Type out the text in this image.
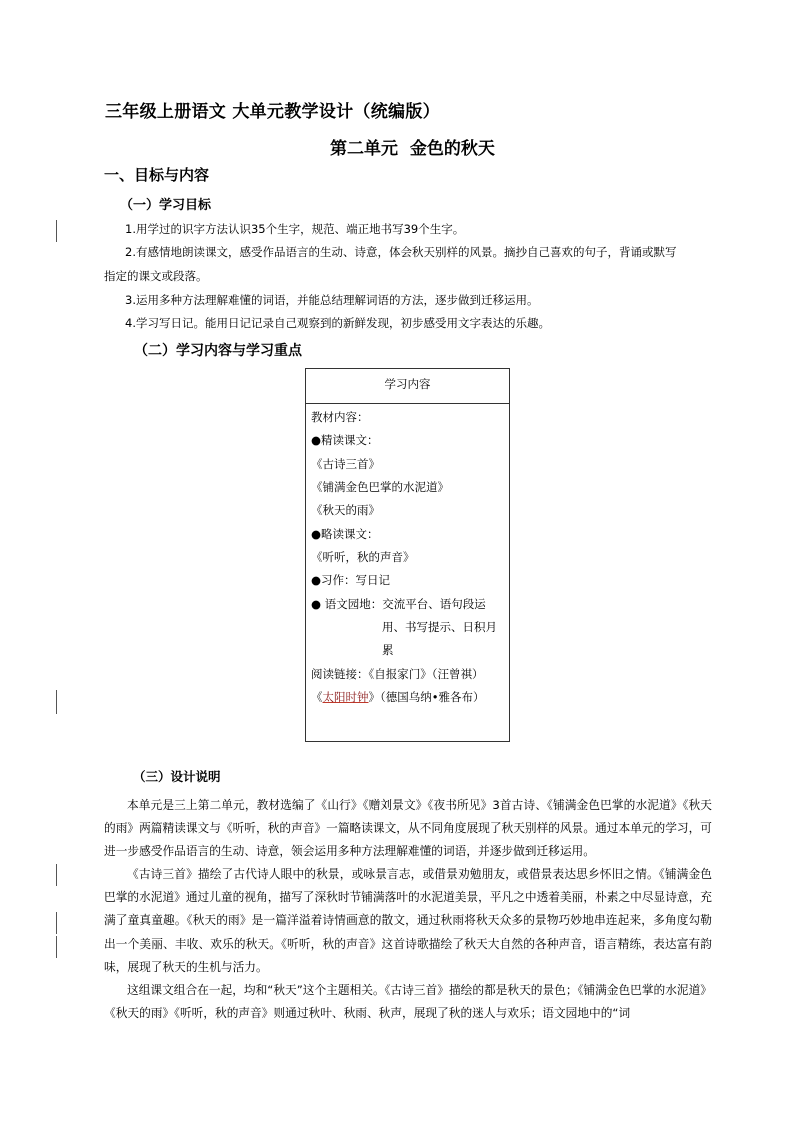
三年级上册语文 大单元教学设计（统编版）
第二单元 金色的秋天
一、目标与内容
（一）学习目标
1.用学过的识字方法认识35个生字，规范、端正地书写39个生字。
2.有感情地朗读课文，感受作品语言的生动、诗意，体会秋天别样的风景。摘抄自己喜欢的句子，背诵或默写
指定的课文或段落。
3.运用多种方法理解难懂的词语，并能总结理解词语的方法，逐步做到迁移运用。
4.学习写日记。能用日记记录自己观察到的新鲜发现，初步感受用文字表达的乐趣。
（二）学习内容与学习重点
学习内容
教材内容：
●精读课文：
《古诗三首》
《铺满金色巴掌的水泥道》
《秋天的雨》
●略读课文：
《听听，秋的声音》
●习作：写日记
● 语文园地：交流平台、语句段运
用、书写提示、日积月
累
阅读链接：《自报家门》（汪曾祺）
《太阳时钟》（德国乌纳•雅各布）
（三）设计说明
本单元是三上第二单元，教材选编了《山行》《赠刘景文》《夜书所见》3首古诗、《铺满金色巴掌的水泥道》《秋天的雨》两篇精读课文与《听听，秋的声音》一篇略读课文，从不同角度展现了秋天别样的风景。通过本单元的学习，可进一步感受作品语言的生动、诗意，领会运用多种方法理解难懂的词语，并逐步做到迁移运用。
《古诗三首》描绘了古代诗人眼中的秋景，或咏景言志，或借景劝勉朋友，或借景表达思乡怀旧之情。《铺满金色巴掌的水泥道》通过儿童的视角，描写了深秋时节铺满落叶的水泥道美景，平凡之中透着美丽，朴素之中尽显诗意，充满了童真童趣。《秋天的雨》是一篇洋溢着诗情画意的散文，通过秋雨将秋天众多的景物巧妙地串连起来，多角度勾勒出一个美丽、丰收、欢乐的秋天。《听听，秋的声音》这首诗歌描绘了秋天大自然的各种声音，语言精练，表达富有韵味，展现了秋天的生机与活力。
这组课文组合在一起，均和“秋天”这个主题相关。《古诗三首》描绘的都是秋天的景色；《铺满金色巴掌的水泥道》《秋天的雨》《听听，秋的声音》则通过秋叶、秋雨、秋声，展现了秋的迷人与欢乐；语文园地中的“词
